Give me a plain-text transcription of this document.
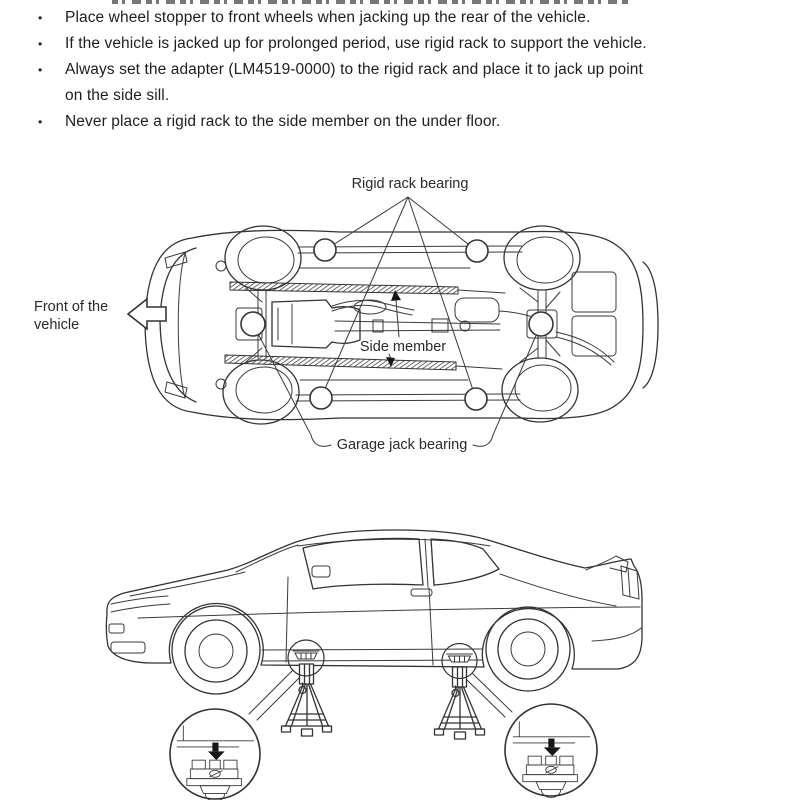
•	Place wheel stopper to front wheels when jacking up the rear of the vehicle.
•	If the vehicle is jacked up for prolonged period, use rigid rack to support the vehicle.
•	Always set the adapter (LM4519-0000) to the rigid rack and place it to jack up point
on the side sill.
•	Never place a rigid rack to the side member on the under floor.
Rigid rack bearing
Front of the
vehicle
Side member
Garage jack bearing
